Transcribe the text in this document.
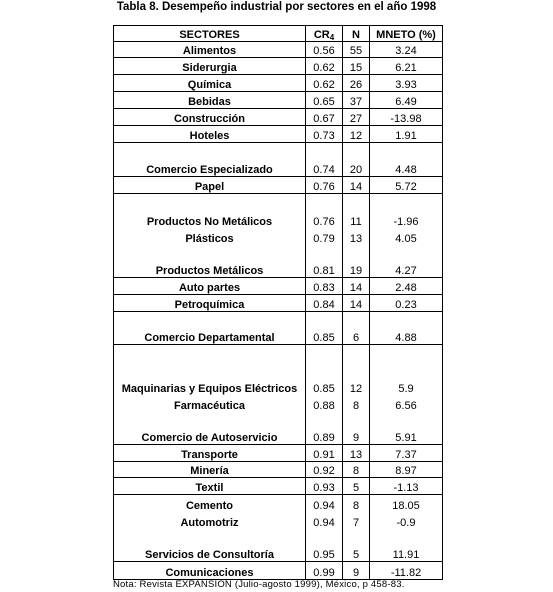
Tabla 8. Desempeño industrial por sectores en el año 1998
SECTORES	CR4	N	MNETO (%)
Alimentos	0.56	55	3.24
Siderurgia	0.62	15	6.21
Química	0.62	26	3.93
Bebidas	0.65	37	6.49
Construcción	0.67	27	-13.98
Hoteles	0.73	12	1.91
Comercio Especializado	0.74	20	4.48
Papel	0.76	14	5.72
Productos No Metálicos	0.76	11	-1.96
Plásticos	0.79	13	4.05
Productos Metálicos	0.81	19	4.27
Auto partes	0.83	14	2.48
Petroquímica	0.84	14	0.23
Comercio Departamental	0.85	6	4.88
Maquinarias y Equipos Eléctricos	0.85	12	5.9
Farmacéutica	0.88	8	6.56
Comercio de Autoservicio	0.89	9	5.91
Transporte	0.91	13	7.37
Minería	0.92	8	8.97
Textil	0.93	5	-1.13
Cemento	0.94	8	18.05
Automotriz	0.94	7	-0.9
Servicios de Consultoría	0.95	5	11.91
Comunicaciones	0.99	9	-11.82
Nota: Revista EXPANSION (Julio-agosto 1999), México, p 458-83.
